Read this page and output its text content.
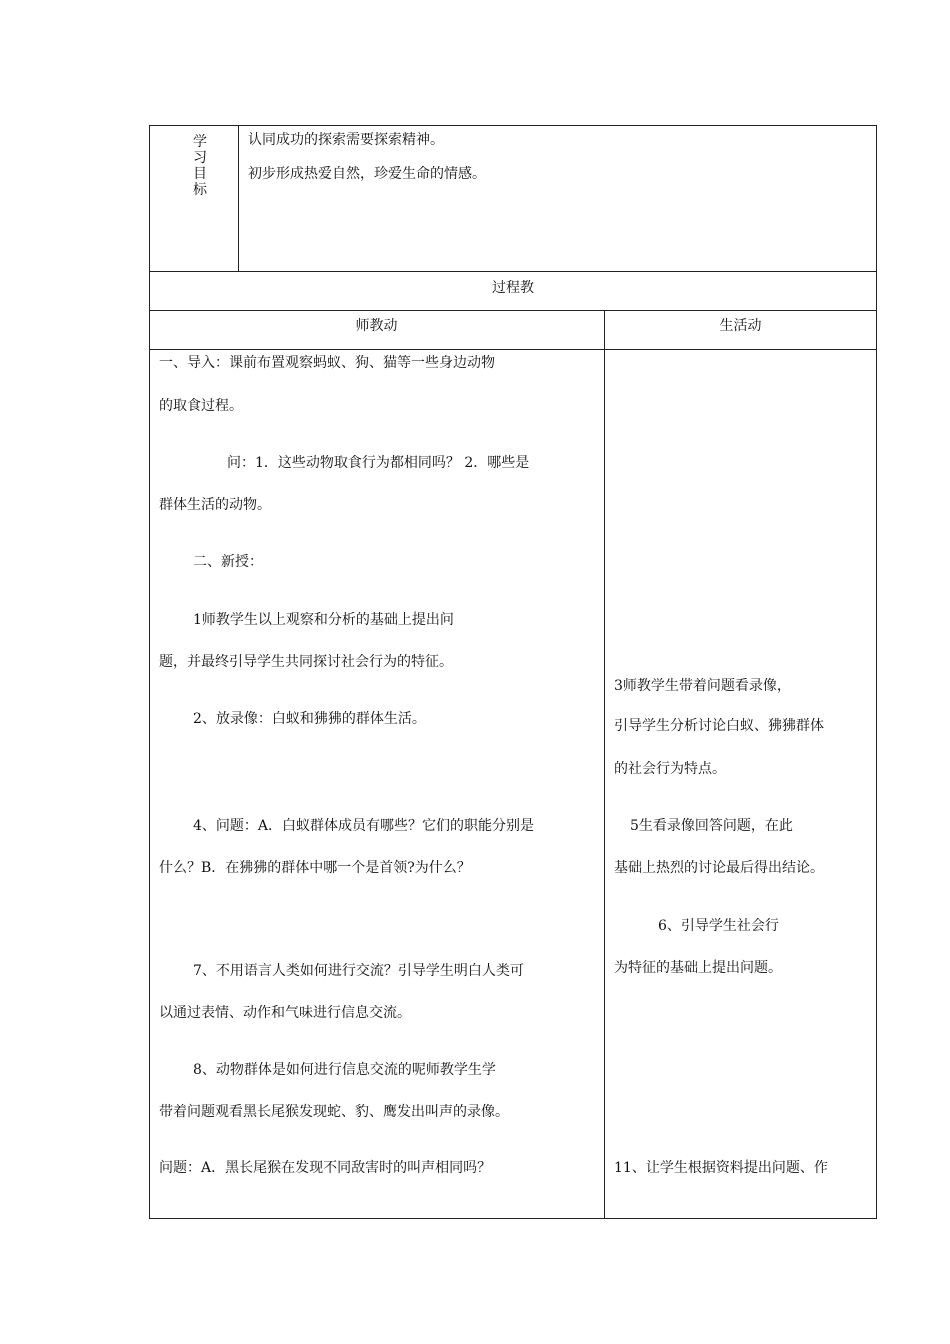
学
习
目
标
认同成功的探索需要探索精神。
初步形成热爱自然，珍爱生命的情感。
过程教
师教动	生活动
一、导入：课前布置观察蚂蚁、狗、猫等一些身边动物
的取食过程。
问：1．这些动物取食行为都相同吗？ 2．哪些是
群体生活的动物。
二、新授：
1师教学生以上观察和分析的基础上提出问
题，并最终引导学生共同探讨社会行为的特征。
2、放录像：白蚁和狒狒的群体生活。
4、问题：A．白蚁群体成员有哪些？它们的职能分别是
什么？B．在狒狒的群体中哪一个是首领?为什么？
7、不用语言人类如何进行交流？引导学生明白人类可
以通过表情、动作和气味进行信息交流。
8、动物群体是如何进行信息交流的呢师教学生学
带着问题观看黑长尾猴发现蛇、豹、鹰发出叫声的录像。
问题：A．黑长尾猴在发现不同敌害时的叫声相同吗？
3师教学生带着问题看录像，
引导学生分析讨论白蚁、狒狒群体
的社会行为特点。
5生看录像回答问题，在此
基础上热烈的讨论最后得出结论。
6、引导学生社会行
为特征的基础上提出问题。
11、让学生根据资料提出问题、作
